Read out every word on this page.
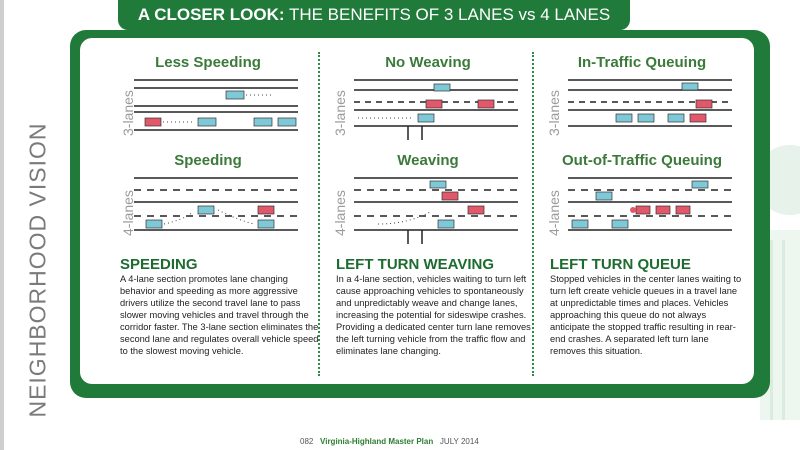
NEIGHBORHOOD VISION
A CLOSER LOOK: THE BENEFITS OF 3 LANES vs 4 LANES
Less Speeding
3-lanes
Speeding
4-lanes
SPEEDING
A 4-lane section promotes lane changing behavior and speeding as more aggressive drivers utilize the second travel lane to pass slower moving vehicles and travel through the corridor faster. The 3-lane section eliminates the second lane and regulates overall vehicle speed to the slowest moving vehicle.
No Weaving
3-lanes
Weaving
4-lanes
LEFT TURN WEAVING
In a 4-lane section, vehicles waiting to turn left cause approaching vehicles to spontaneously and unpredictably weave and change lanes, increasing the potential for sideswipe crashes. Providing a dedicated center turn lane removes the left turning vehicle from the traffic flow and eliminates lane changing.
In-Traffic Queuing
3-lanes
Out-of-Traffic Queuing
4-lanes
LEFT TURN QUEUE
Stopped vehicles in the center lanes waiting to turn left create vehicle queues in a travel lane at unpredictable times and places. Vehicles approaching this queue do not always anticipate the stopped traffic resulting in rear-end crashes. A separated left turn lane removes this situation.
082 Virginia-Highland Master Plan JULY 2014
